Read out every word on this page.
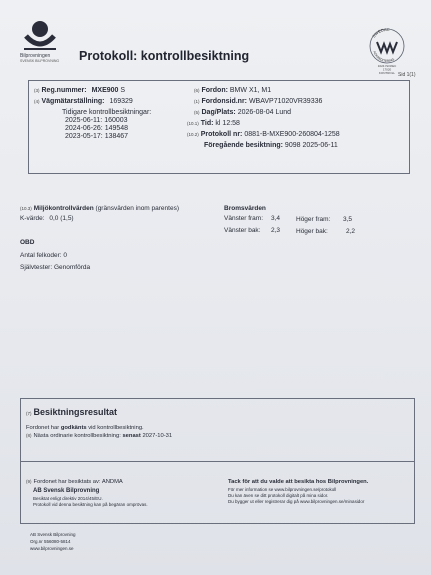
Bilprovningen
SVENSK BILPROVNING	Protokoll: kontrollbesiktning
SWEDAC
ACKREDITERING
1024 ISO/IEC
17020
KONTROLL Sid 1(1)
(3) Reg.nummer: MXE900 S
(4) Vägmätarställning: 169329
Tidigare kontrollbesiktningar:
2025-06-11: 160003
2024-06-26: 149548
2023-05-17: 138467
(6) Fordon: BMW X1, M1
(1) Fordonsid.nr: WBAVP71020VR39336
(5) Dag/Plats: 2026-08-04 Lund
(10.1) Tid: kl 12:58
(10.2) Protokoll nr: 0881-B-MXE900-260804-1258
Föregående besiktning: 9098 2025-06-11
(10.3) Miljökontrollvärden (gränsvärden inom parentes)
K-värde: 0,0 (1,5)
Bromsvärden
Vänster fram: 3,4 Höger fram: 3,5
Vänster bak: 2,3 Höger bak:	2,2
OBD
Antal felkoder: 0
Självtester: Genomförda
(7) Besiktningsresultat
Fordonet har godkänts vid kontrollbesiktning.
(8) Nästa ordinarie kontrollbesiktning: senast 2027-10-31
(9) Fordonet har besiktats av: ANDMA
AB Svensk Bilprovning
Besiktat enligt direktiv 2014/45/EU.
Protokoll vid denna besiktning kan på begäran omprövas.
Tack för att du valde att besikta hos Bilprovningen.
För mer information se www.bilprovningen.se/protokoll
Du kan även se ditt protokoll digitalt på mina sidor.
Du bygger ut eller registrerar dig på www.bilprovningen.se/minasidor
AB Svensk Bilprovning
Org.nr 556080-5814
www.bilprovningen.se
